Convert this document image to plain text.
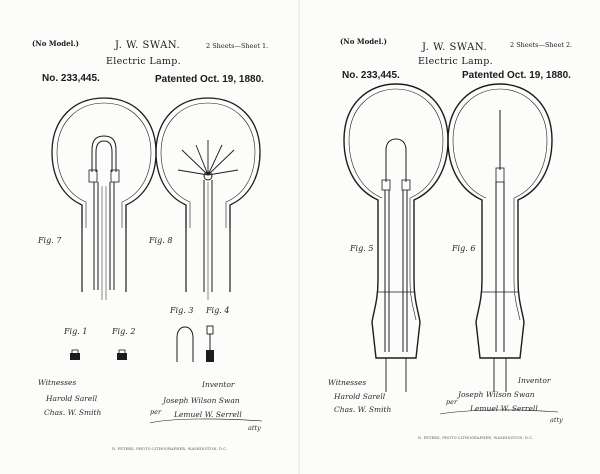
(No Model.)	J. W. SWAN.	2 Sheets—Sheet 1.
Electric Lamp.
No. 233,445.	Patented Oct. 19, 1880.
Fig. 7	Fig. 8
Fig. 1	Fig. 2
Fig. 3 Fig. 4
Witnesses
Harold Sarell
Chas. W. Smith
Inventor
per
Joseph Wilson Swan
Lemuel W. Serrell
atty
N. PETERS, PHOTO-LITHOGRAPHER, WASHINGTON, D.C.
(No Model.)
J. W. SWAN.	2 Sheets—Sheet 2.
Electric Lamp.
No. 233,445.	Patented Oct. 19, 1880.
Fig. 5	Fig. 6
Witnesses
Harold Sarell
Chas. W. Smith
Inventor
per
Joseph Wilson Swan
Lemuel W. Serrell
atty
N. PETERS, PHOTO-LITHOGRAPHER, WASHINGTON, D.C.
